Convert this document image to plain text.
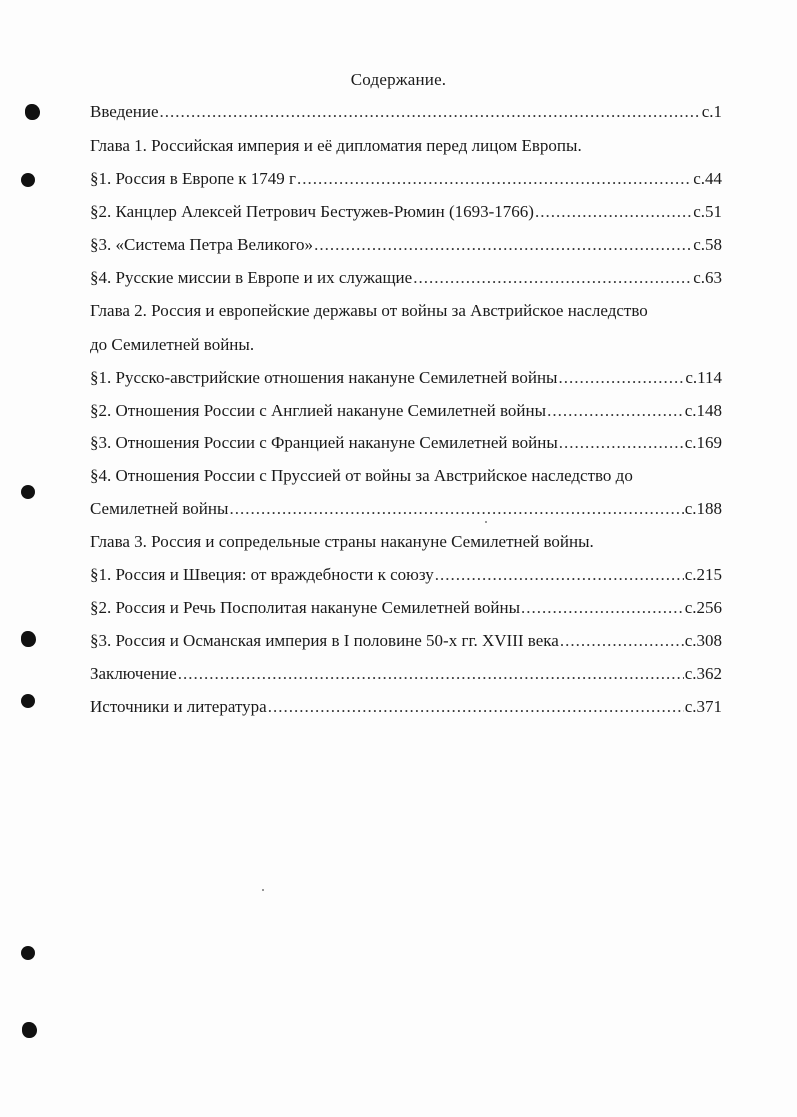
Содержание.
Введение .....	с.1
Глава 1. Российская империя и её дипломатия перед лицом Европы.
§1. Россия в Европе к 1749 г .....	с.44
§2. Канцлер Алексей Петрович Бестужев-Рюмин (1693-1766) .....	с.51
§3. «Система Петра Великого» .....	с.58
§4. Русские миссии в Европе и их служащие .....	с.63
Глава 2. Россия и европейские державы от войны за Австрийское наследство
до Семилетней войны.
§1. Русско-австрийские отношения накануне Семилетней войны .....	с.114
§2. Отношения России с Англией накануне Семилетней войны .....	с.148
§3. Отношения России с Францией накануне Семилетней войны .....	с.169
§4. Отношения России с Пруссией от войны за Австрийское наследство до
Семилетней войны .....	с.188
Глава 3. Россия и сопредельные страны накануне Семилетней войны.
§1. Россия и Швеция: от враждебности к союзу .....	с.215
§2. Россия и Речь Посполитая накануне Семилетней войны .....	с.256
§3. Россия и Османская империя в I половине 50-х гг. XVIII века .....	с.308
Заключение .....	с.362
Источники и литература .....	с.371
